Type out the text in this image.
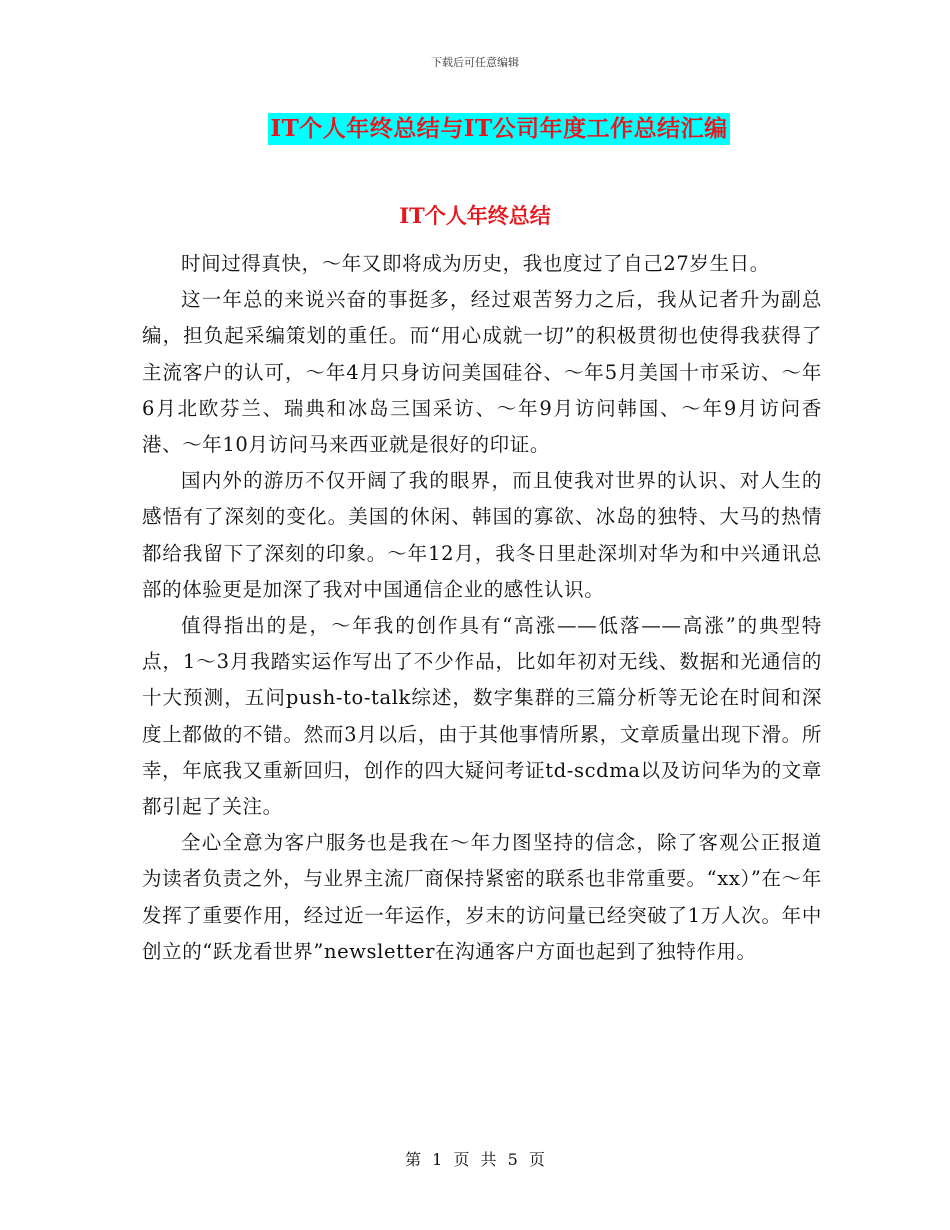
下载后可任意编辑
IT个人年终总结与IT公司年度工作总结汇编
IT个人年终总结

时间过得真快，～年又即将成为历史，我也度过了自己27岁生日。

这一年总的来说兴奋的事挺多，经过艰苦努力之后，我从记者升为副总编，担负起采编策划的重任。而“用心成就一切”的积极贯彻也使得我获得了主流客户的认可，～年4月只身访问美国硅谷、～年5月美国十市采访、～年6月北欧芬兰、瑞典和冰岛三国采访、～年9月访问韩国、～年9月访问香港、～年10月访问马来西亚就是很好的印证。

国内外的游历不仅开阔了我的眼界，而且使我对世界的认识、对人生的感悟有了深刻的变化。美国的休闲、韩国的寡欲、冰岛的独特、大马的热情都给我留下了深刻的印象。～年12月，我冬日里赴深圳对华为和中兴通讯总部的体验更是加深了我对中国通信企业的感性认识。

值得指出的是，～年我的创作具有“高涨——低落——高涨”的典型特点，1～3月我踏实运作写出了不少作品，比如年初对无线、数据和光通信的十大预测，五问push-to-talk综述，数字集群的三篇分析等无论在时间和深度上都做的不错。然而3月以后，由于其他事情所累，文章质量出现下滑。所幸，年底我又重新回归，创作的四大疑问考证td-scdma以及访问华为的文章都引起了关注。

全心全意为客户服务也是我在～年力图坚持的信念，除了客观公正报道为读者负责之外，与业界主流厂商保持紧密的联系也非常重要。“xx）”在～年发挥了重要作用，经过近一年运作，岁末的访问量已经突破了1万人次。年中创立的“跃龙看世界”newsletter在沟通客户方面也起到了独特作用。

第 1 页 共 5 页
